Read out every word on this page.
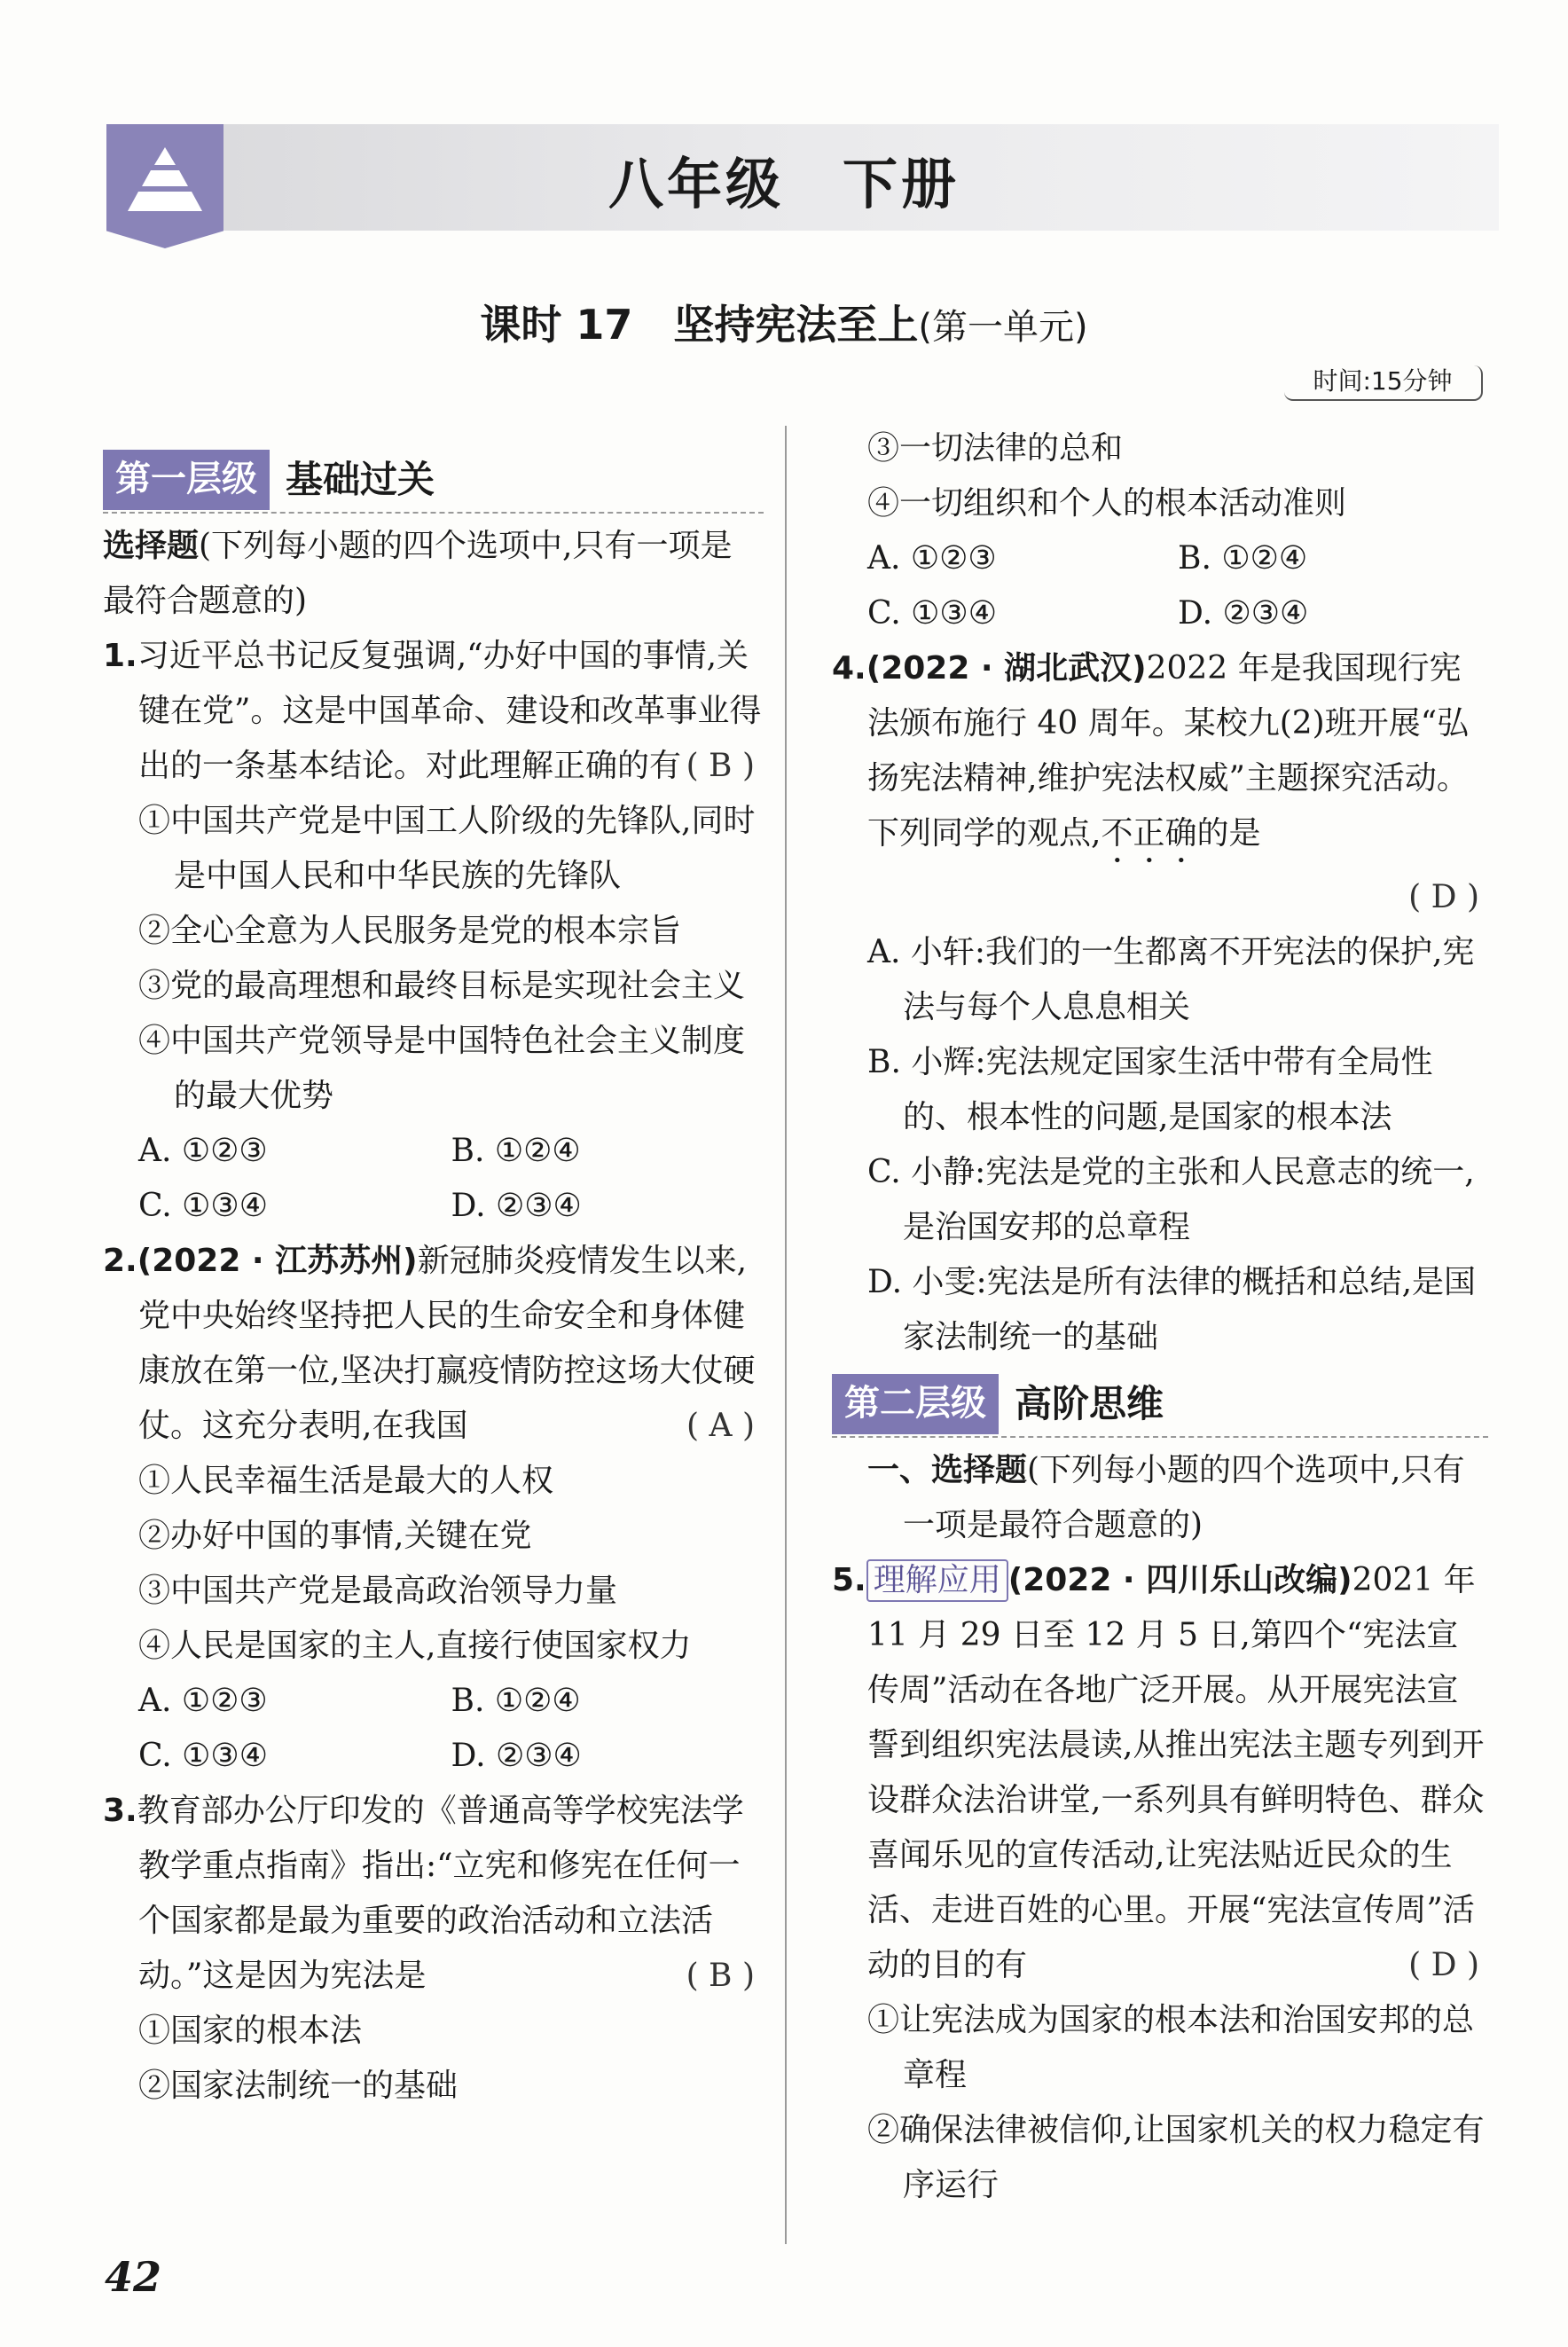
八年级　下册
课时 17　坚持宪法至上(第一单元)
时间:15分钟
第一层级 基础过关

选择题(下列每小题的四个选项中,只有一项是最符合题意的)

1.习近平总书记反复强调,“办好中国的事情,关键在党”。这是中国革命、建设和改革事业得出的一条基本结论。对此理解正确的有 ( B )

①中国共产党是中国工人阶级的先锋队,同时是中国人民和中华民族的先锋队

②全心全意为人民服务是党的根本宗旨

③党的最高理想和最终目标是实现社会主义

④中国共产党领导是中国特色社会主义制度的最大优势

A. ①②③	B. ①②④
C. ①③④	D. ②③④

2.(2022 · 江苏苏州)新冠肺炎疫情发生以来,党中央始终坚持把人民的生命安全和身体健康放在第一位,坚决打赢疫情防控这场大仗硬仗。这充分表明,在我国	( A )

①人民幸福生活是最大的人权

②办好中国的事情,关键在党

③中国共产党是最高政治领导力量

④人民是国家的主人,直接行使国家权力

A. ①②③	B. ①②④
C. ①③④	D. ②③④

3.教育部办公厅印发的《普通高等学校宪法学教学重点指南》指出:“立宪和修宪在任何一个国家都是最为重要的政治活动和立法活动。”这是因为宪法是	( B )

①国家的根本法

②国家法制统一的基础

③一切法律的总和

④一切组织和个人的根本活动准则

A. ①②③	B. ①②④
C. ①③④	D. ②③④

4.(2022 · 湖北武汉)2022 年是我国现行宪法颁布施行 40 周年。某校九(2)班开展“弘扬宪法精神,维护宪法权威”主题探究活动。下列同学的观点,不正确的是

( D )

A. 小轩:我们的一生都离不开宪法的保护,宪法与每个人息息相关

B. 小辉:宪法规定国家生活中带有全局性的、根本性的问题,是国家的根本法

C. 小静:宪法是党的主张和人民意志的统一,是治国安邦的总章程

D. 小雯:宪法是所有法律的概括和总结,是国家法制统一的基础

第二层级 高阶思维

一、选择题(下列每小题的四个选项中,只有一项是最符合题意的)

5. 理解应用 (2022 · 四川乐山改编)2021 年 11 月 29 日至 12 月 5 日,第四个“宪法宣传周”活动在各地广泛开展。从开展宪法宣誓到组织宪法晨读,从推出宪法主题专列到开设群众法治讲堂,一系列具有鲜明特色、群众喜闻乐见的宣传活动,让宪法贴近民众的生活、走进百姓的心里。开展“宪法宣传周”活动的目的有	( D )

①让宪法成为国家的根本法和治国安邦的总章程

②确保法律被信仰,让国家机关的权力稳定有序运行

42
